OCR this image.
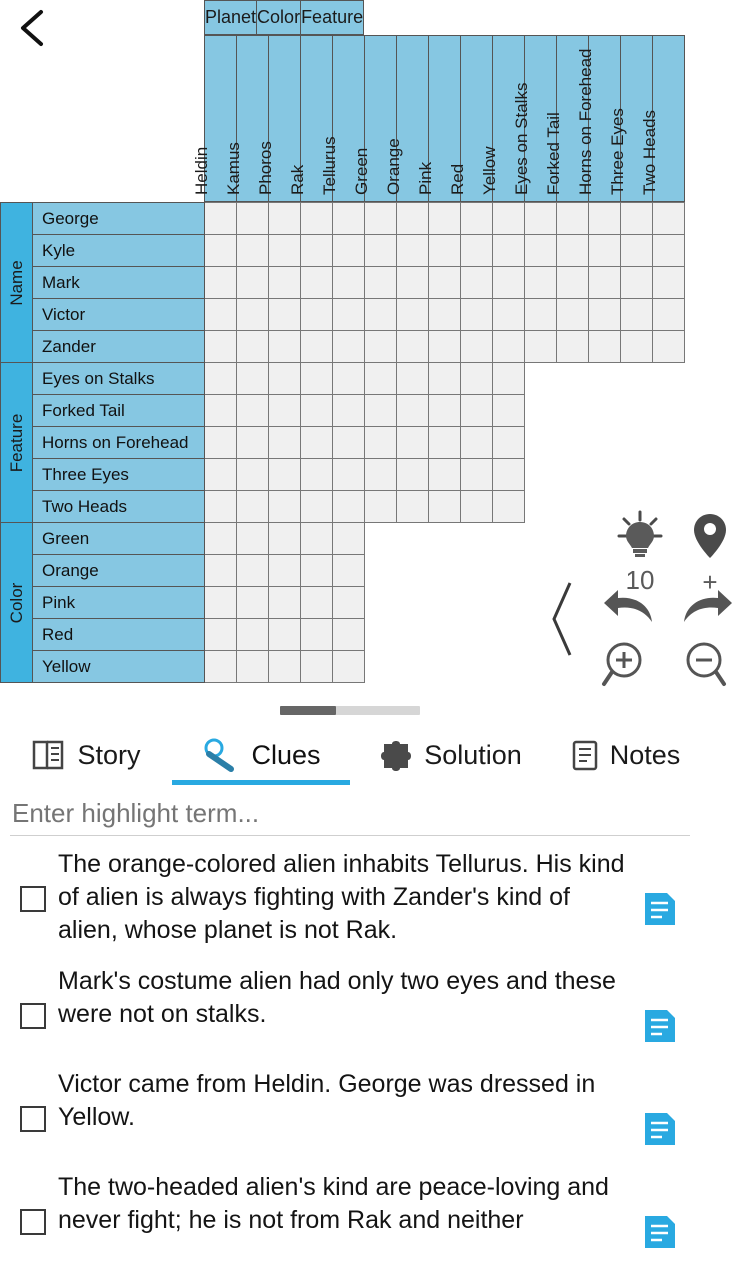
Planet	Color	Feature
Heldin	Kamus	Phoros	Rak	Tellurus	Green	Orange	Pink	Red	Yellow	Eyes on Stalks	Forked Tail	Horns on Forehead	Three Eyes	Two Heads
Name	George															
	Kyle															
	Mark															
	Victor															
	Zander															

Feature	Eyes on Stalks															
	Forked Tail															
	Horns on Forehead															
	Three Eyes															
	Two Heads															

Color	Green															
	Orange															
	Pink															
	Red															
	Yellow															
10	+
Story	Clues	Solution	Notes
Enter highlight term...
The orange-colored alien inhabits Tellurus. His kind of alien is always fighting with Zander's kind of alien, whose planet is not Rak.
Mark's costume alien had only two eyes and these were not on stalks.
Victor came from Heldin. George was dressed in Yellow.
The two-headed alien's kind are peace-loving and never fight; he is not from Rak and neither
